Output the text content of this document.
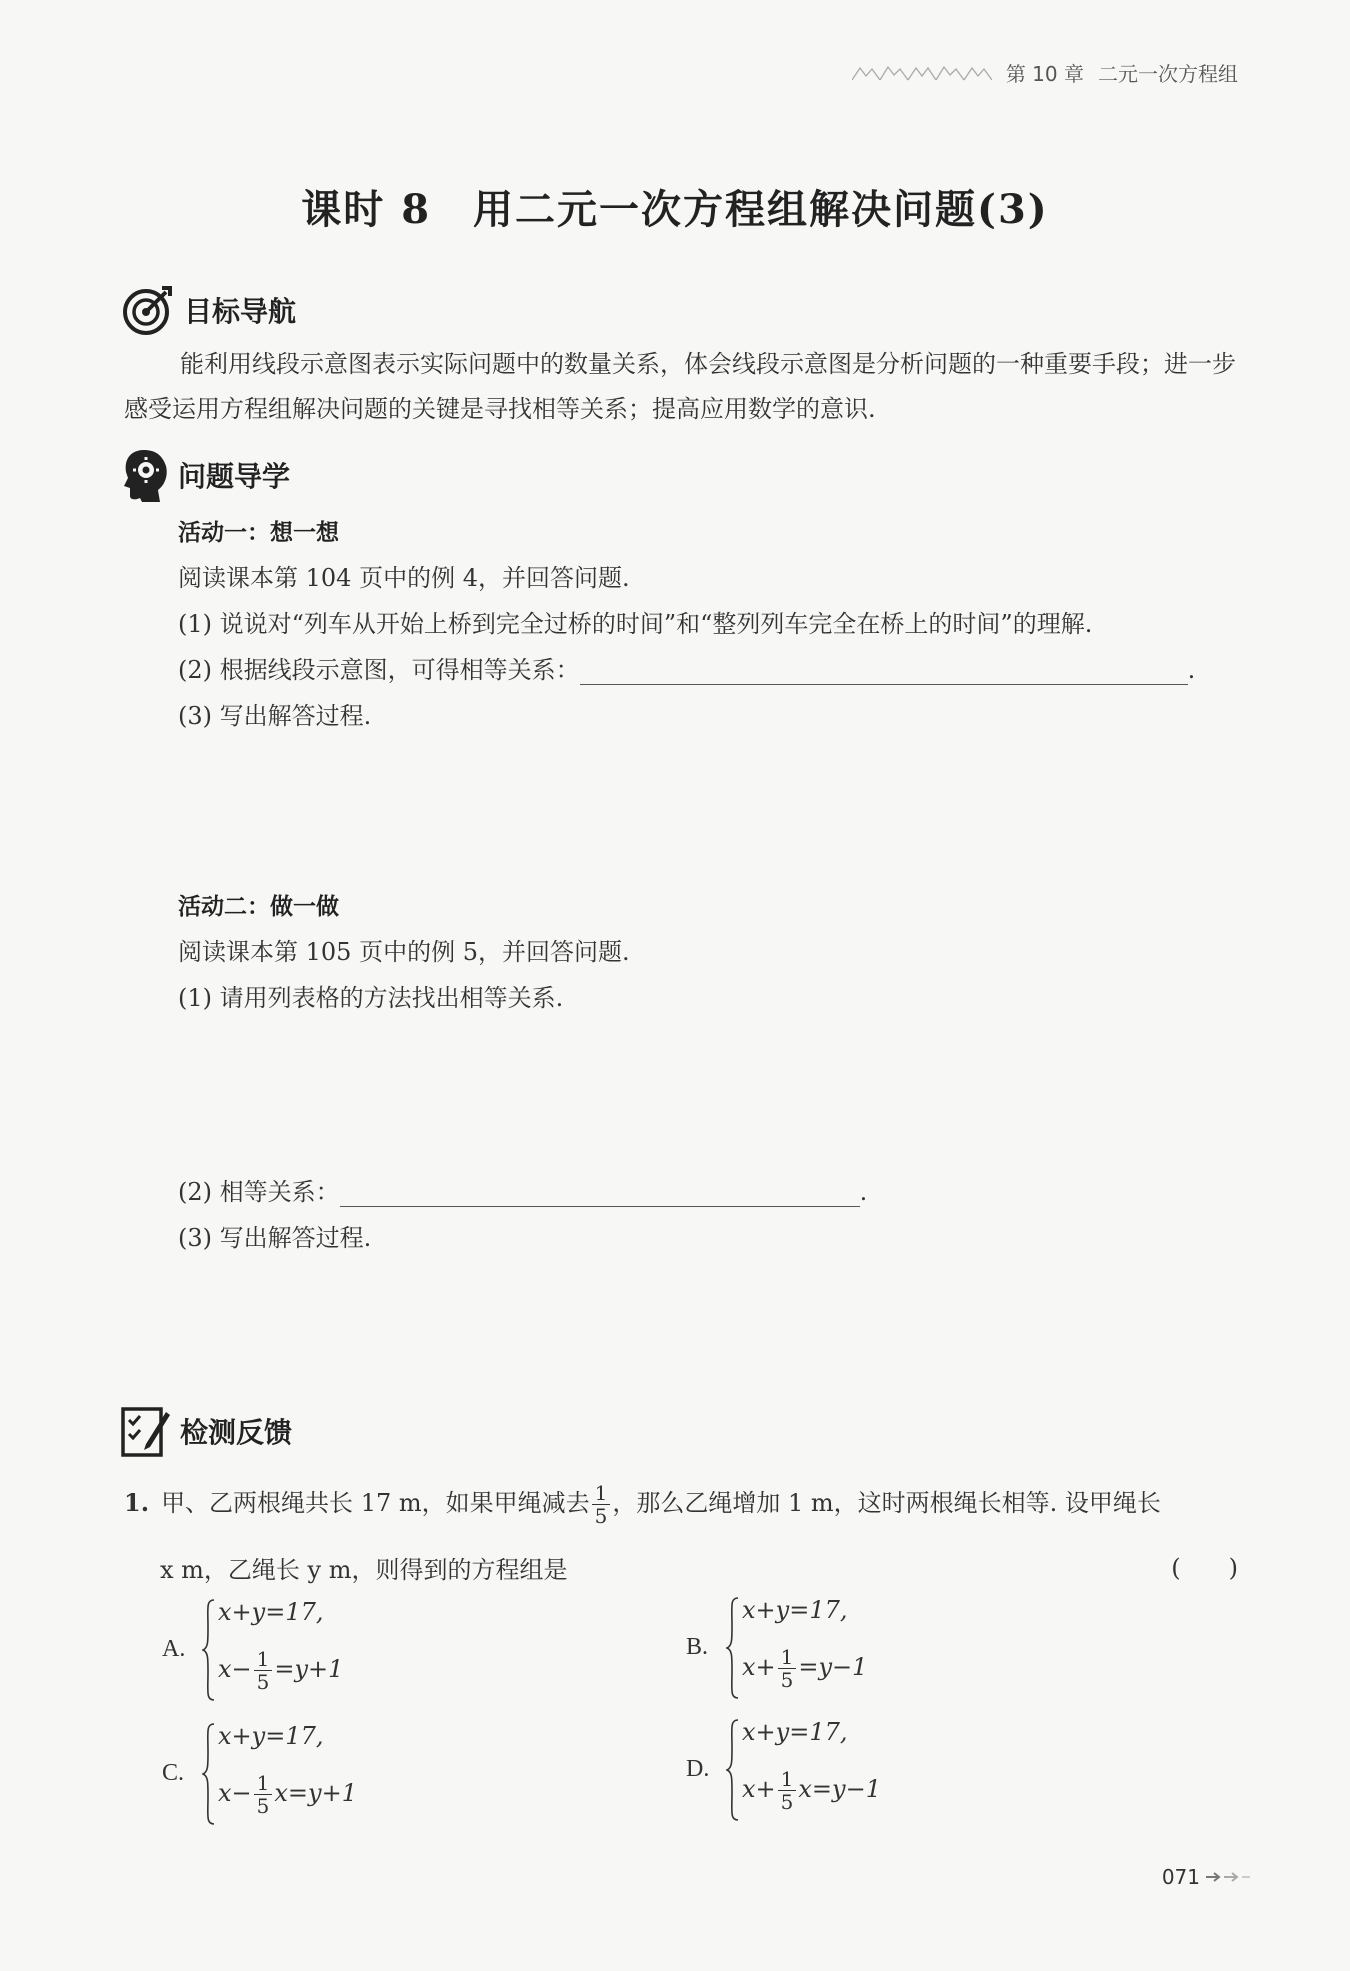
第 10 章 二元一次方程组
课时 8　用二元一次方程组解决问题(3)
目标导航
能利用线段示意图表示实际问题中的数量关系，体会线段示意图是分析问题的一种重要手段；进一步感受运用方程组解决问题的关键是寻找相等关系；提高应用数学的意识.
问题导学
活动一：想一想
阅读课本第 104 页中的例 4，并回答问题.
(1) 说说对“列车从开始上桥到完全过桥的时间”和“整列列车完全在桥上的时间”的理解.
(2) 根据线段示意图，可得相等关系：	.
(3) 写出解答过程.
活动二：做一做
阅读课本第 105 页中的例 5，并回答问题.
(1) 请用列表格的方法找出相等关系.
(2) 相等关系：	.
(3) 写出解答过程.
检测反馈
1. 甲、乙两根绳共长 17 m，如果甲绳减去 $\frac{1}{5}$ ，那么乙绳增加 1 m，这时两根绳长相等. 设甲绳长
x m，乙绳长 y m，则得到的方程组是	(　　)
A.
x+y=17,
$x- \frac{1}{5} =y+1$
B.
x+y=17,
$x+ \frac{1}{5} =y-1$
C.
x+y=17,
$x- \frac{1}{5} x=y+1$
D.
x+y=17,
$x+ \frac{1}{5} x=y-1$
071
